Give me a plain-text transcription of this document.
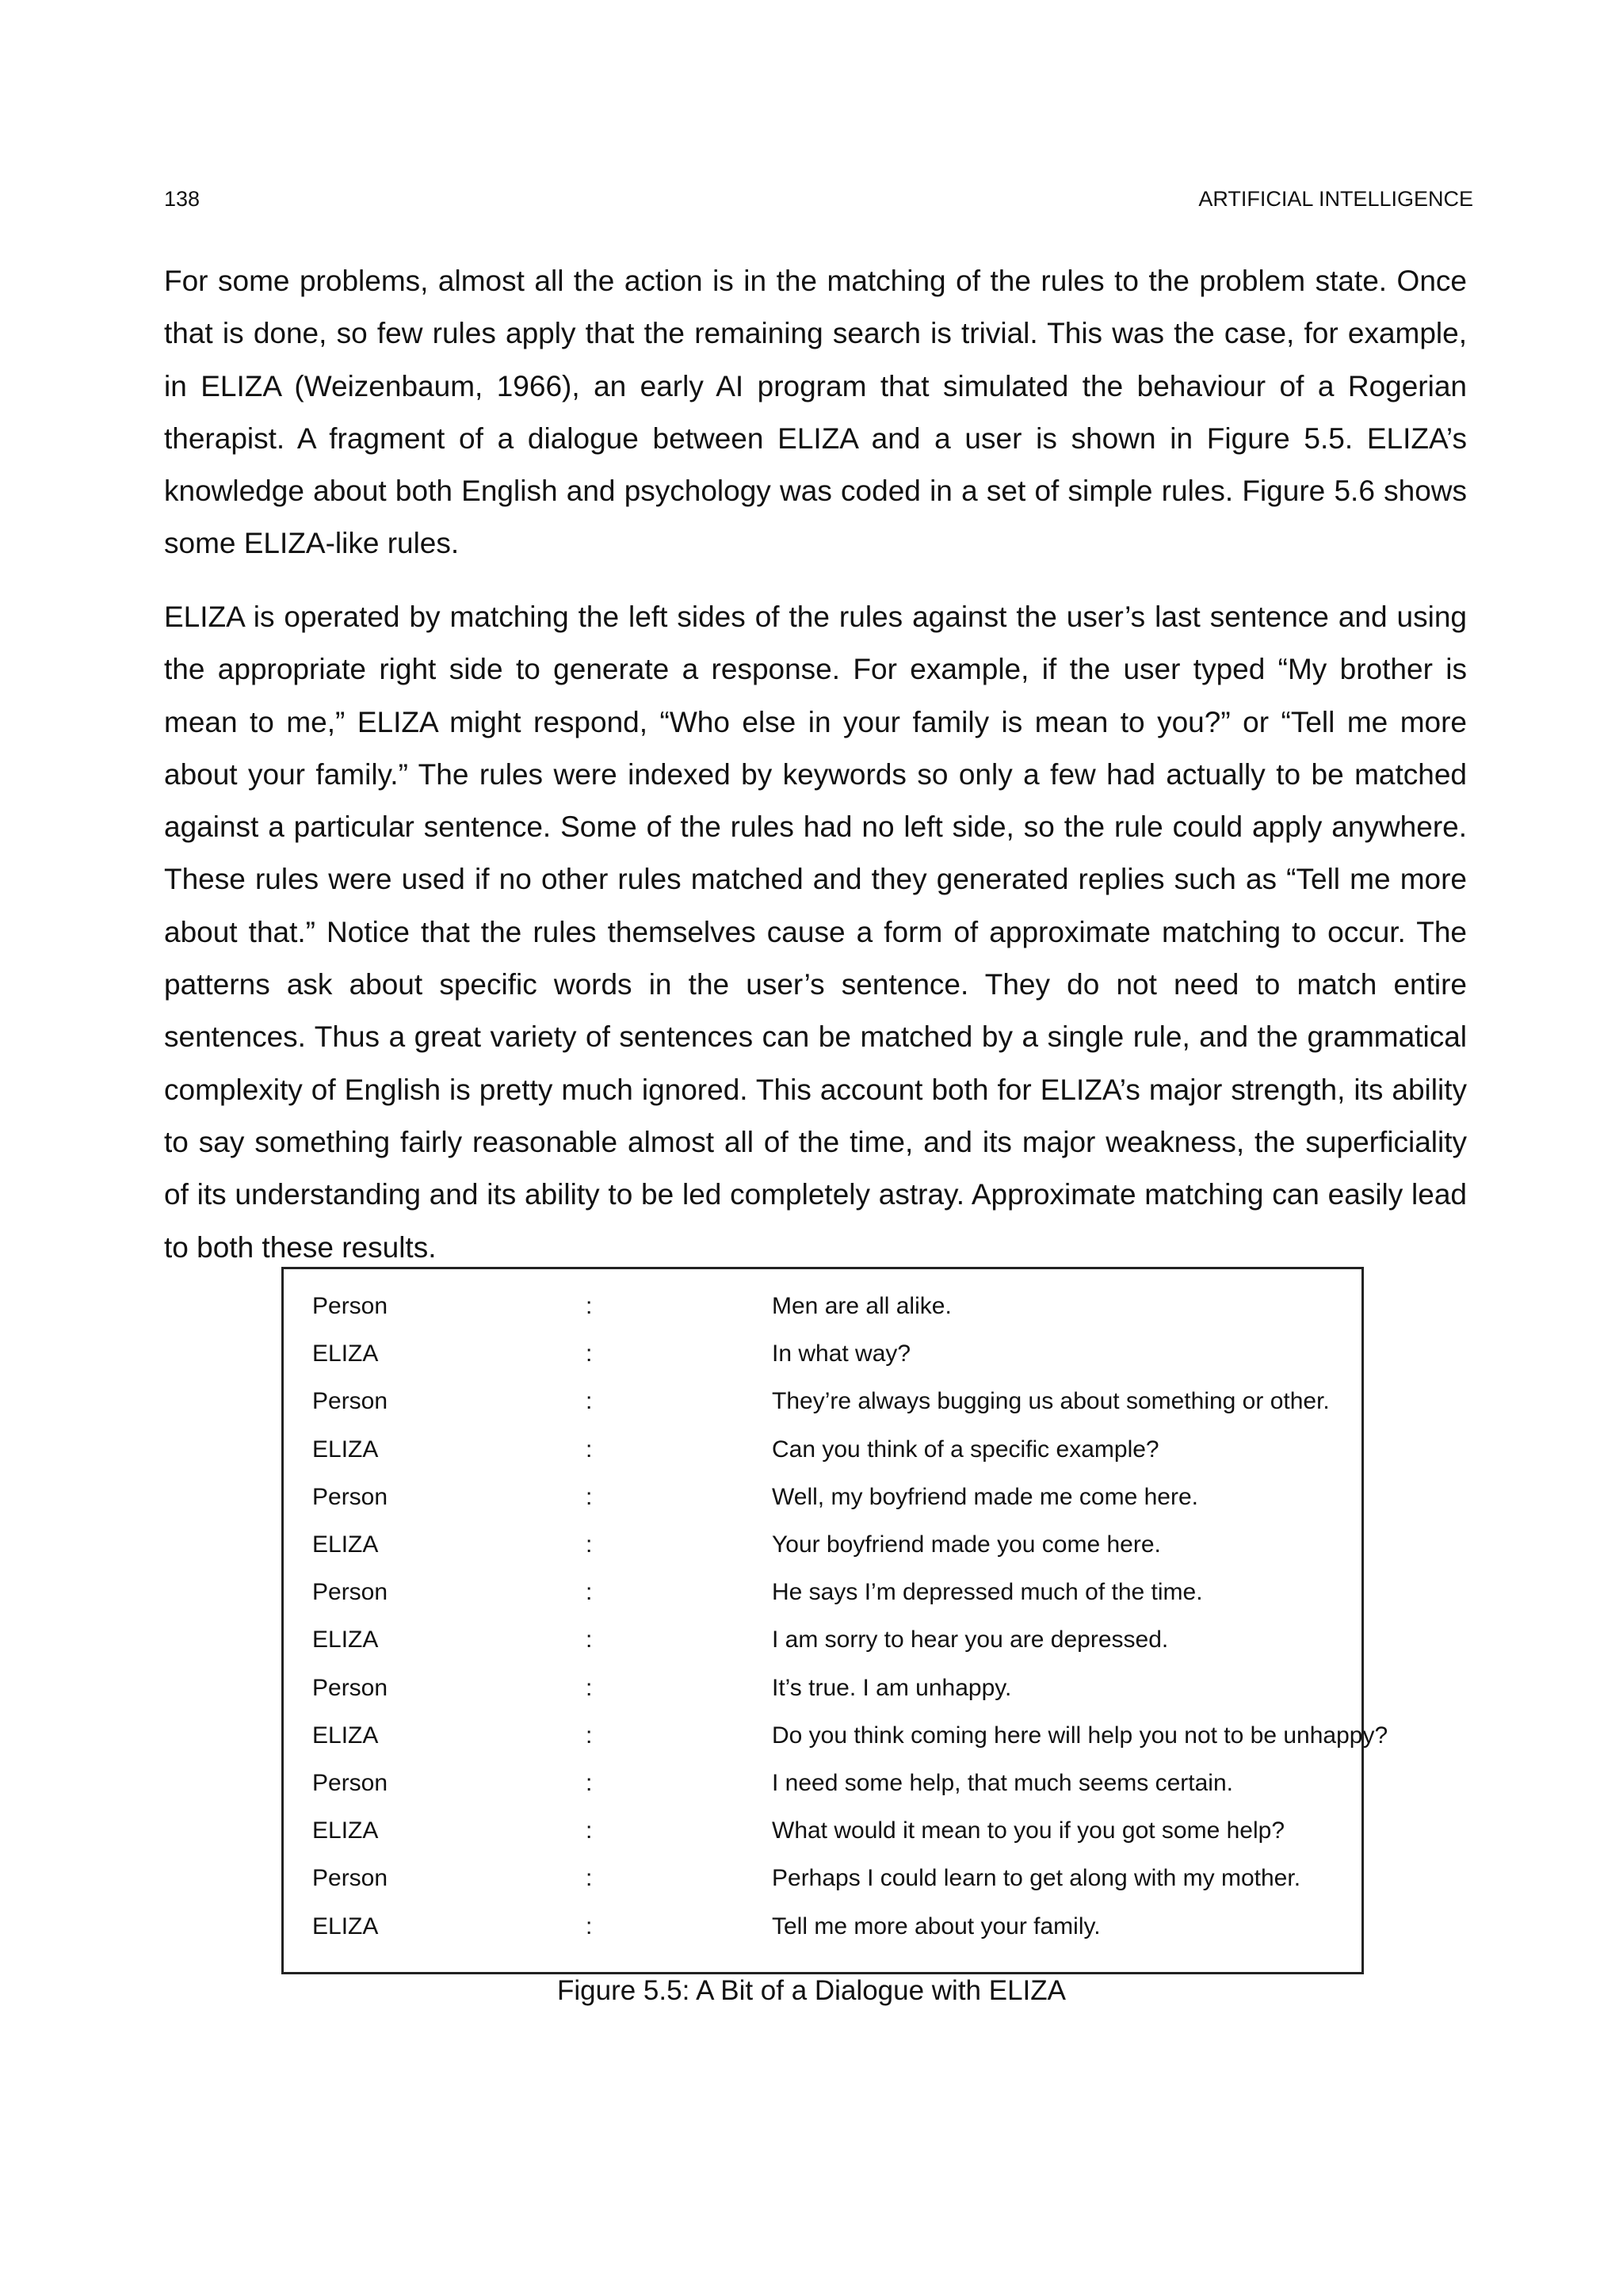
138	ARTIFICIAL INTELLIGENCE

For some problems, almost all the action is in the matching of the rules to the problem state. Once that is done, so few rules apply that the remaining search is trivial. This was the case, for example, in ELIZA (Weizenbaum, 1966), an early AI program that simulated the behaviour of a Rogerian therapist. A fragment of a dialogue between ELIZA and a user is shown in Figure 5.5. ELIZA’s knowledge about both English and psychology was coded in a set of simple rules. Figure 5.6 shows some ELIZA-like rules.

ELIZA is operated by matching the left sides of the rules against the user’s last sentence and using the appropriate right side to generate a response. For example, if the user typed “My brother is mean to me,” ELIZA might respond, “Who else in your family is mean to you?” or “Tell me more about your family.” The rules were indexed by keywords so only a few had actually to be matched against a particular sentence. Some of the rules had no left side, so the rule could apply anywhere. These rules were used if no other rules matched and they generated replies such as “Tell me more about that.” Notice that the rules themselves cause a form of approximate matching to occur. The patterns ask about specific words in the user’s sentence. They do not need to match entire sentences. Thus a great variety of sentences can be matched by a single rule, and the grammatical complexity of English is pretty much ignored. This account both for ELIZA’s major strength, its ability to say something fairly reasonable almost all of the time, and its major weakness, the superficiality of its understanding and its ability to be led completely astray. Approximate matching can easily lead to both these results.

Person	:	Men are all alike.
ELIZA	:	In what way?
Person	:	They’re always bugging us about something or other.
ELIZA	:	Can you think of a specific example?
Person	:	Well, my boyfriend made me come here.
ELIZA	:	Your boyfriend made you come here.
Person	:	He says I’m depressed much of the time.
ELIZA	:	I am sorry to hear you are depressed.
Person	:	It’s true. I am unhappy.
ELIZA	:	Do you think coming here will help you not to be unhappy?
Person	:	I need some help, that much seems certain.
ELIZA	:	What would it mean to you if you got some help?
Person	:	Perhaps I could learn to get along with my mother.
ELIZA	:	Tell me more about your family.
Figure 5.5: A Bit of a Dialogue with ELIZA
